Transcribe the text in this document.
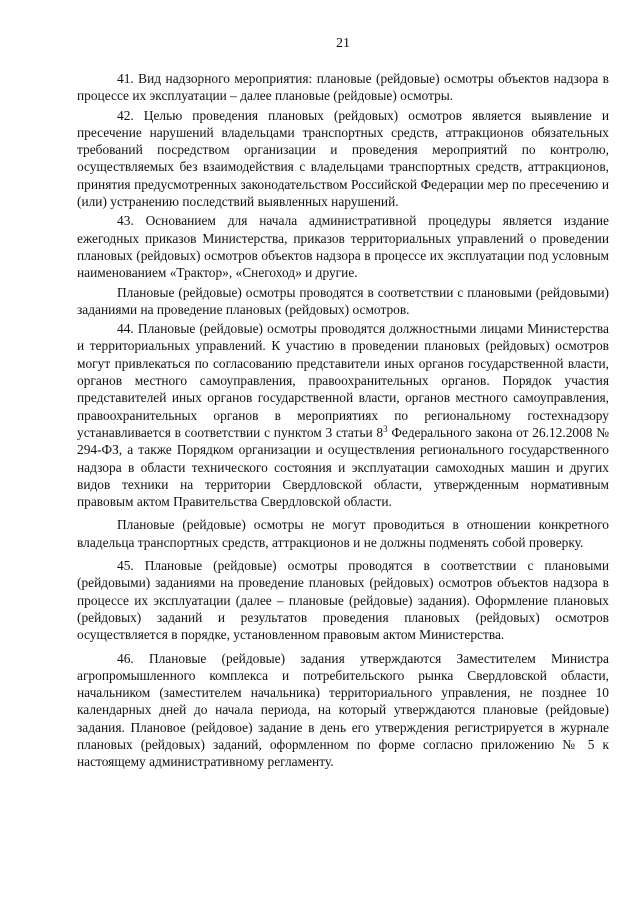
21

41. Вид надзорного мероприятия: плановые (рейдовые) осмотры объектов надзора в процессе их эксплуатации – далее плановые (рейдовые) осмотры.

42. Целью проведения плановых (рейдовых) осмотров является выявление и пресечение нарушений владельцами транспортных средств, аттракционов обязательных требований посредством организации и проведения мероприятий по контролю, осуществляемых без взаимодействия с владельцами транспортных средств, аттракционов, принятия предусмотренных законодательством Российской Федерации мер по пресечению и (или) устранению последствий выявленных нарушений.

43. Основанием для начала административной процедуры является издание ежегодных приказов Министерства, приказов территориальных управлений о проведении плановых (рейдовых) осмотров объектов надзора в процессе их эксплуатации под условным наименованием «Трактор», «Снегоход» и другие.

Плановые (рейдовые) осмотры проводятся в соответствии с плановыми (рейдовыми) заданиями на проведение плановых (рейдовых) осмотров.

44. Плановые (рейдовые) осмотры проводятся должностными лицами Министерства и территориальных управлений. К участию в проведении плановых (рейдовых) осмотров могут привлекаться по согласованию представители иных органов государственной власти, органов местного самоуправления, правоохранительных органов. Порядок участия представителей иных органов государственной власти, органов местного самоуправления, правоохранительных органов в мероприятиях по региональному гостехнадзору устанавливается в соответствии с пунктом 3 статьи $8^3$ Федерального закона от 26.12.2008 № 294-ФЗ, а также Порядком организации и осуществления регионального государственного надзора в области технического состояния и эксплуатации самоходных машин и других видов техники на территории Свердловской области, утвержденным нормативным правовым актом Правительства Свердловской области.

Плановые (рейдовые) осмотры не могут проводиться в отношении конкретного владельца транспортных средств, аттракционов и не должны подменять собой проверку.

45. Плановые (рейдовые) осмотры проводятся в соответствии с плановыми (рейдовыми) заданиями на проведение плановых (рейдовых) осмотров объектов надзора в процессе их эксплуатации (далее – плановые (рейдовые) задания). Оформление плановых (рейдовых) заданий и результатов проведения плановых (рейдовых) осмотров осуществляется в порядке, установленном правовым актом Министерства.

46. Плановые (рейдовые) задания утверждаются Заместителем Министра агропромышленного комплекса и потребительского рынка Свердловской области, начальником (заместителем начальника) территориального управления, не позднее 10 календарных дней до начала периода, на который утверждаются плановые (рейдовые) задания. Плановое (рейдовое) задание в день его утверждения регистрируется в журнале плановых (рейдовых) заданий, оформленном по форме согласно приложению № 5 к настоящему административному регламенту.
